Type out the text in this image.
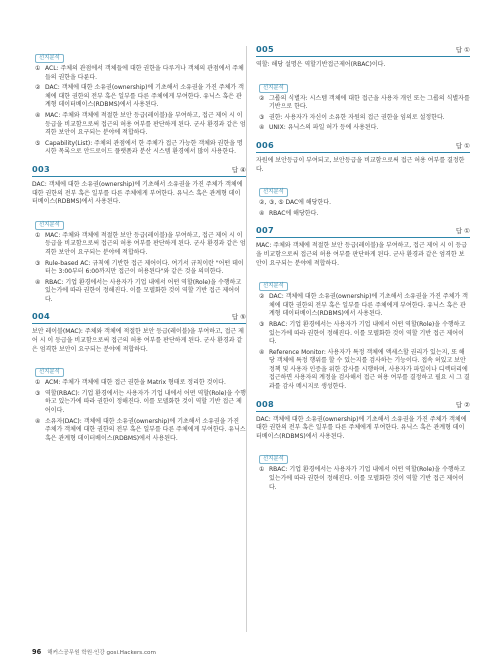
선지분석
① ACL: 주체의 관점에서 객체들에 대한 권한을 다루거나 객체의 관점에서 주체들의 권한을 다룬다.
② DAC: 객체에 대한 소유권(ownership)에 기초해서 소유권을 가진 주체가 객체에 대한 권한의 전부 혹은 일부를 다른 주체에게 부여한다. 유닉스 혹은 관계형 데이터베이스(RDBMS)에서 사용된다.
④ MAC: 주체와 객체에 적절한 보안 등급(레이블)을 부여하고, 접근 제어 시 이 등급을 비교함으로써 접근의 허용 여부를 판단하게 된다. 군사 환경과 같은 엄격한 보안이 요구되는 분야에 적합하다.
⑤ Capability(List): 주체의 관점에서 한 주체가 접근 가능한 객체와 권한을 명시한 목록으로 안드로이드 플랫폼과 분산 시스템 환경에서 많이 사용한다.
003	답 ④
DAC: 객체에 대한 소유권(ownership)에 기초해서 소유권을 가진 주체가 객체에 대한 권한의 전부 혹은 일부를 다른 주체에게 부여한다. 유닉스 혹은 관계형 데이터베이스(RDBMS)에서 사용된다.
선지분석
① MAC: 주체와 객체에 적절한 보안 등급(레이블)을 부여하고, 접근 제어 시 이 등급을 비교함으로써 접근의 허용 여부를 판단하게 된다. 군사 환경과 같은 엄격한 보안이 요구되는 분야에 적합하다.
③ Rule-based AC: 규칙에 기반한 접근 제어이다. 여기서 규칙이란 "어떤 데이터는 3:00부터 6:00까지만 접근이 허용된다"와 같은 것을 의미한다.
④ RBAC: 기업 환경에서는 사용자가 기업 내에서 어떤 역할(Role)을 수행하고 있는가에 따라 권한이 정해진다. 이를 모델화한 것이 역할 기반 접근 제어이다.
004	답 ⑤
보안 레이블(MAC): 주체와 객체에 적절한 보안 등급(레이블)을 부여하고, 접근 제어 시 이 등급을 비교함으로써 접근의 허용 여부를 판단하게 된다. 군사 환경과 같은 엄격한 보안이 요구되는 분야에 적합하다.
선지분석
① ACM: 주체가 객체에 대한 접근 권한을 Matrix 형태로 정리한 것이다.
③ 역할(RBAC): 기업 환경에서는 사용자가 기업 내에서 어떤 역할(Role)을 수행하고 있는가에 따라 권한이 정해진다. 이를 모델화한 것이 역할 기반 접근 제어이다.
④ 소유자(DAC): 객체에 대한 소유권(ownership)에 기초해서 소유권을 가진 주체가 객체에 대한 권한의 전부 혹은 일부를 다른 주체에게 부여한다. 유닉스 혹은 관계형 데이터베이스(RDBMS)에서 사용된다.
005	답 ①
역할: 해당 설명은 역할기반접근제어(RBAC)이다.
선지분석
② 그룹의 식별자: 시스템 객체에 대한 접근을 사용자 개인 또는 그룹의 식별자를 기반으로 한다.
③ 권한: 사용자가 자신이 소유한 자원의 접근 권한을 임의로 설정한다.
④ UNIX: 유닉스의 파일 허가 등에 사용된다.
006	답 ①
자원에 보안등급이 부여되고, 보안등급을 비교함으로써 접근 허용 여부를 결정한다.
선지분석
②, ③, ⑤ DAC에 해당한다.
④ RBAC에 해당한다.
007	답 ①
MAC: 주체와 객체에 적절한 보안 등급(레이블)을 부여하고, 접근 제어 시 이 등급을 비교함으로써 접근의 허용 여부를 판단하게 된다. 군사 환경과 같은 엄격한 보안이 요구되는 분야에 적합하다.
선지분석
② DAC: 객체에 대한 소유권(ownership)에 기초해서 소유권을 가진 주체가 객체에 대한 권한의 전부 혹은 일부를 다른 주체에게 부여한다. 유닉스 혹은 관계형 데이터베이스(RDBMS)에서 사용된다.
③ RBAC: 기업 환경에서는 사용자가 기업 내에서 어떤 역할(Role)을 수행하고 있는가에 따라 권한이 정해진다. 이를 모델화한 것이 역할 기반 접근 제어이다.
④ Reference Monitor: 사용자가 특정 객체에 액세스할 권리가 있는지, 또 해당 객체에 특정 행위를 할 수 있는지를 검사하는 기능이다. 접속 허있고 보안 정책 및 사용자 인증을 위한 감사를 시행하며, 사용자가 파일이나 디렉터리에 접근하면 사용자의 계정을 검사해서 접근 허용 여부를 결정하고 필요 시 그 결과를 감사 메시지로 생성한다.
008	답 ②
DAC: 객체에 대한 소유권(ownership)에 기초해서 소유권을 가진 주체가 객체에 대한 권한의 전부 혹은 일부를 다른 주체에게 부여한다. 유닉스 혹은 관계형 데이터베이스(RDBMS)에서 사용된다.
선지분석
① RBAC: 기업 환경에서는 사용자가 기업 내에서 어떤 역할(Role)을 수행하고 있는가에 따라 권한이 정해진다. 이를 모델화한 것이 역할 기반 접근 제어이다.
96 해커스공무원 학원·인강 gosi.Hackers.com
